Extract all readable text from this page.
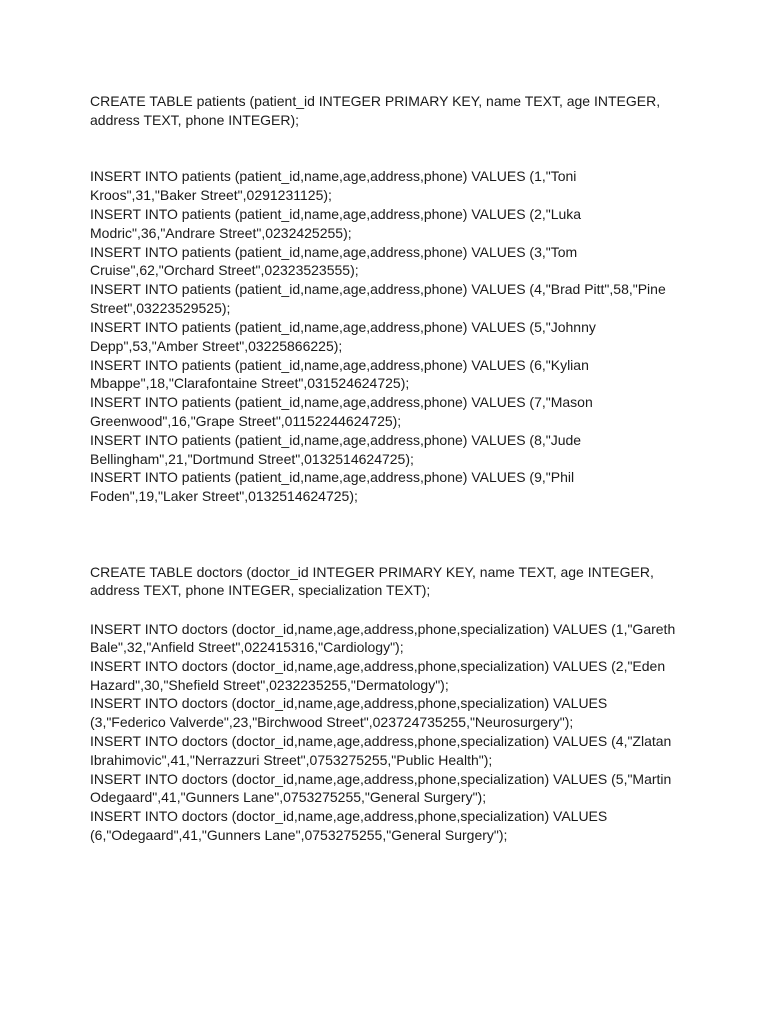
CREATE TABLE patients (patient_id INTEGER PRIMARY KEY, name TEXT, age INTEGER,

address TEXT, phone INTEGER);

INSERT INTO patients (patient_id,name,age,address,phone) VALUES (1,"Toni

Kroos",31,"Baker Street",0291231125);

INSERT INTO patients (patient_id,name,age,address,phone) VALUES (2,"Luka

Modric",36,"Andrare Street",0232425255);

INSERT INTO patients (patient_id,name,age,address,phone) VALUES (3,"Tom

Cruise",62,"Orchard Street",02323523555);

INSERT INTO patients (patient_id,name,age,address,phone) VALUES (4,"Brad Pitt",58,"Pine

Street",03223529525);

INSERT INTO patients (patient_id,name,age,address,phone) VALUES (5,"Johnny

Depp",53,"Amber Street",03225866225);

INSERT INTO patients (patient_id,name,age,address,phone) VALUES (6,"Kylian

Mbappe",18,"Clarafontaine Street",031524624725);

INSERT INTO patients (patient_id,name,age,address,phone) VALUES (7,"Mason

Greenwood",16,"Grape Street",01152244624725);

INSERT INTO patients (patient_id,name,age,address,phone) VALUES (8,"Jude

Bellingham",21,"Dortmund Street",0132514624725);

INSERT INTO patients (patient_id,name,age,address,phone) VALUES (9,"Phil

Foden",19,"Laker Street",0132514624725);

CREATE TABLE doctors (doctor_id INTEGER PRIMARY KEY, name TEXT, age INTEGER,

address TEXT, phone INTEGER, specialization TEXT);

INSERT INTO doctors (doctor_id,name,age,address,phone,specialization) VALUES (1,"Gareth

Bale",32,"Anfield Street",022415316,"Cardiology");

INSERT INTO doctors (doctor_id,name,age,address,phone,specialization) VALUES (2,"Eden

Hazard",30,"Shefield Street",0232235255,"Dermatology");

INSERT INTO doctors (doctor_id,name,age,address,phone,specialization) VALUES

(3,"Federico Valverde",23,"Birchwood Street",023724735255,"Neurosurgery");

INSERT INTO doctors (doctor_id,name,age,address,phone,specialization) VALUES (4,"Zlatan

Ibrahimovic",41,"Nerrazzuri Street",0753275255,"Public Health");

INSERT INTO doctors (doctor_id,name,age,address,phone,specialization) VALUES (5,"Martin

Odegaard",41,"Gunners Lane",0753275255,"General Surgery");

INSERT INTO doctors (doctor_id,name,age,address,phone,specialization) VALUES

(6,"Odegaard",41,"Gunners Lane",0753275255,"General Surgery");
